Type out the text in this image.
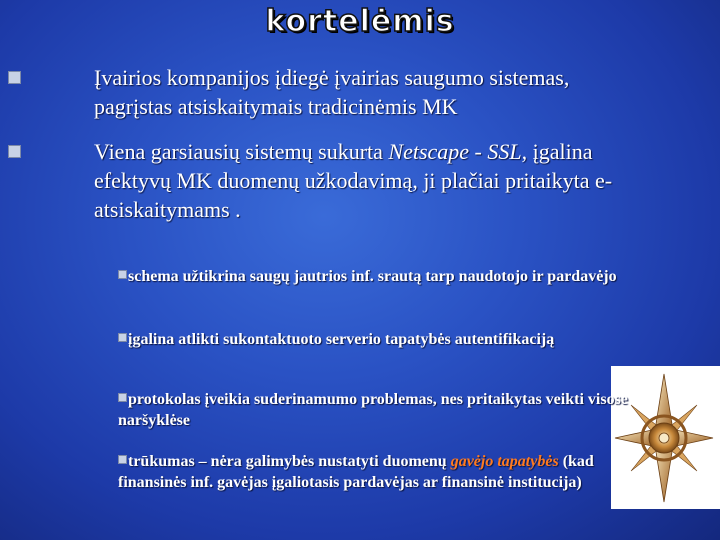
kortelėmis
Įvairios kompanijos įdiegė įvairias saugumo sistemas, pagrįstas atsiskaitymais tradicinėmis MK
Viena garsiausių sistemų sukurta Netscape - SSL, įgalina efektyvų MK duomenų užkodavimą, ji plačiai pritaikyta e-atsiskaitymams .
schema užtikrina saugų jautrios inf. srautą tarp naudotojo ir pardavėjo
įgalina atlikti sukontaktuoto serverio tapatybės autentifikaciją
protokolas įveikia suderinamumo problemas, nes pritaikytas veikti visose naršyklėse
trūkumas – nėra galimybės nustatyti duomenų gavėjo tapatybės (kad finansinės inf. gavėjas įgaliotasis pardavėjas ar finansinė institucija)
